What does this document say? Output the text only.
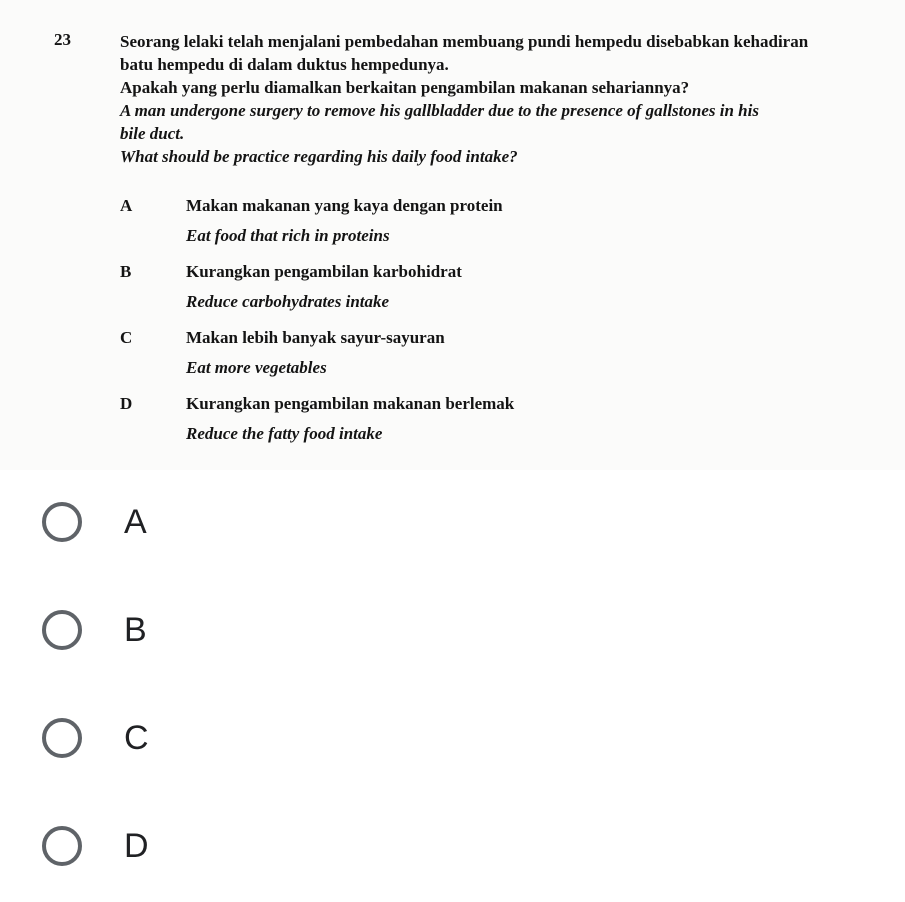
23	Seorang lelaki telah menjalani pembedahan membuang pundi hempedu disebabkan kehadiran

batu hempedu di dalam duktus hempedunya.

Apakah yang perlu diamalkan berkaitan pengambilan makanan sehariannya?

A man undergone surgery to remove his gallbladder due to the presence of gallstones in his

bile duct.

What should be practice regarding his daily food intake?

A	Makan makanan yang kaya dengan protein
Eat food that rich in proteins
B	Kurangkan pengambilan karbohidrat
Reduce carbohydrates intake
C	Makan lebih banyak sayur-sayuran
Eat more vegetables
D	Kurangkan pengambilan makanan berlemak
Reduce the fatty food intake
A
B
C
D
